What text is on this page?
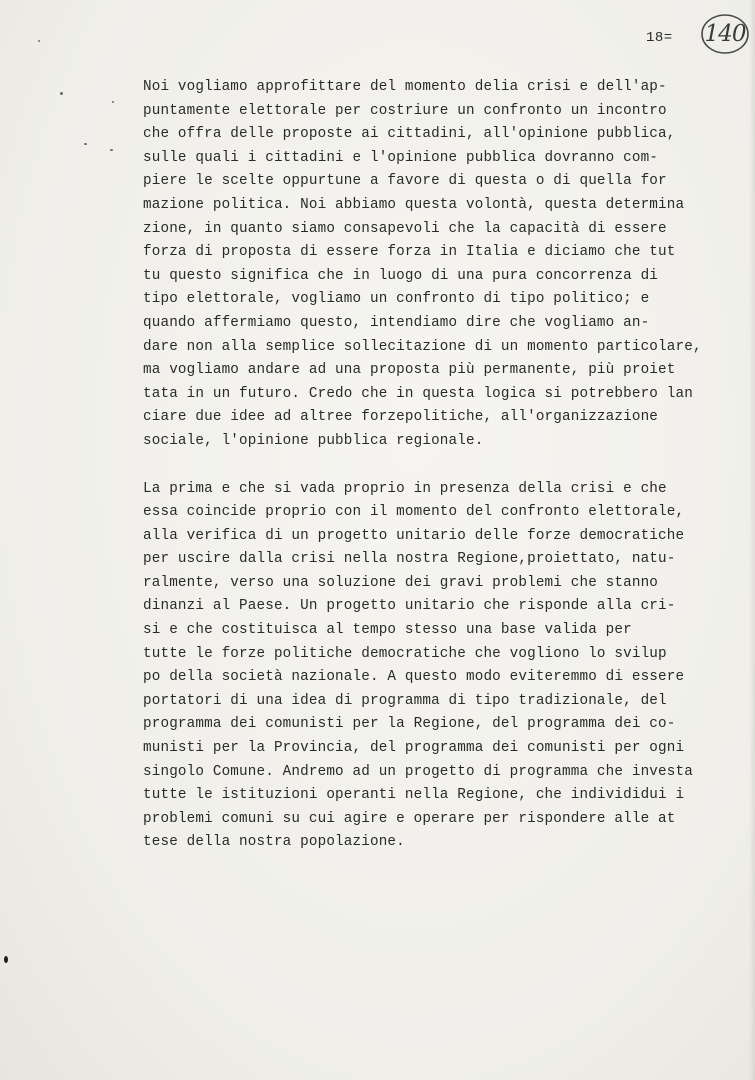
18= 140
Noi vogliamo approfittare del momento delia crisi e dell'ap-
puntamente elettorale per costriure un confronto un incontro
che offra delle proposte ai cittadini, all'opinione pubblica,
sulle quali i cittadini e l'opinione pubblica dovranno com-
piere le scelte oppurtune a favore di questa o di quella for
mazione politica. Noi abbiamo questa volontà, questa determina
zione, in quanto siamo consapevoli che la capacità di essere
forza di proposta di essere forza in Italia e diciamo che tut
tu questo significa che in luogo di una pura concorrenza di
tipo elettorale, vogliamo un confronto di tipo politico; e
quando affermiamo questo, intendiamo dire che vogliamo an-
dare non alla semplice sollecitazione di un momento particolare,
ma vogliamo andare ad una proposta più permanente, più proiet
tata in un futuro. Credo che in questa logica si potrebbero lan
ciare due idee ad altree forzepolitiche, all'organizzazione
sociale, l'opinione pubblica regionale.
La prima e che si vada proprio in presenza della crisi e che
essa coincide proprio con il momento del confronto elettorale,
alla verifica di un progetto unitario delle forze democratiche
per uscire dalla crisi nella nostra Regione,proiettato, natu-
ralmente, verso una soluzione dei gravi problemi che stanno
dinanzi al Paese. Un progetto unitario che risponde alla cri-
si e che costituisca al tempo stesso una base valida per
tutte le forze politiche democratiche che vogliono lo svilup
po della società nazionale. A questo modo eviteremmo di essere
portatori di una idea di programma di tipo tradizionale, del
programma dei comunisti per la Regione, del programma dei co-
munisti per la Provincia, del programma dei comunisti per ogni
singolo Comune. Andremo ad un progetto di programma che investa
tutte le istituzioni operanti nella Regione, che individidui i
problemi comuni su cui agire e operare per rispondere alle at
tese della nostra popolazione.
